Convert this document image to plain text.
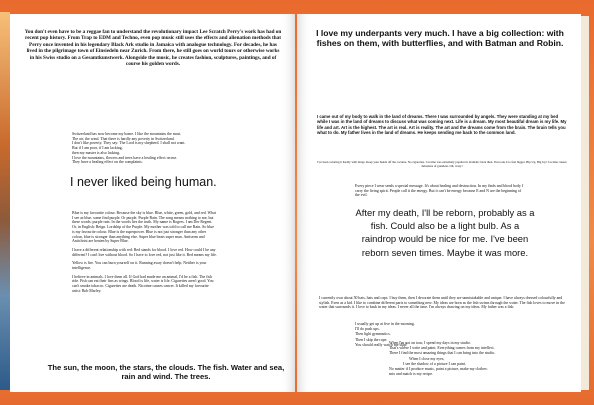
You don't even have to be a reggae fan to understand the revolutionary impact Lee Scratch Perry's work has had on recent pop history. From Trap to EDM and Techno, even pop music still uses the effects and alienation methods that Perry once invented in his legendary Black Ark studio in Jamaica with analogue technology. For decades, he has lived in the pilgrimage town of Einsiedeln near Zurich. From there, he still goes on world tours or otherwise works in his Swiss studio on a Gesamtkunstwerk. Alongside the music, he creates fashion, sculptures, paintings, and of course his golden words.

Switzerland has now become my home. I like the mountains the most.
The air, the wind. That there is hardly any poverty in Switzerland.
I don't like poverty. They say: The Lord is my shepherd. I shall not want.
But if I am poor, if I am lacking,
then my master is also lacking.
I love the mountains, flowers and trees have a healing effect on me.
They have a healing effect on the complaints.

I never liked being human.

Blue is my favourite colour. Because the sky is blue. Blue, white, green, gold, and red. What I see as blue, some find purple. Or purple. Purple Rain. The song means nothing to me, but these words: purple rain. In the words lies the truth. My name is Rogers. I am Der Regent. Or, in English: Reign. Lordship of the Purple. My mother was told to call me Rain. So blue is my favourite colour. Blue is the superpower. Blue is not just stronger than any other colour, blue is stronger than anything else. Super blue beats super man. Antiserm and Antichrist are beaten by Super Blue.

I have a different relationship with red: Red stands for blood. I love red. How could I be any different? I can't live without blood. So I have to love red, not just like it. Red means my life.

Yellow is fire. You can burn yourself on it. Running away doesn't help. Neither is your intelligence.

I believe in animals. I love them all. If God had made me an animal, I'd be a fish. The fish ride. Fish can eat their fins as wings. Blood is life, water is life. Cigarettes aren't good. You can't smoke tobacco. Cigarettes are death. Nicotine causes cancer. It killed my favourite artist: Bob Marley.

The sun, the moon, the stars, the clouds. The fish. Water and sea, rain and wind. The trees.

I love my underpants very much. I have a big collection: with fishes on them, with butterflies, and with Batman and Robin.

I came out of my body to walk in the land of dreams. There I was surrounded by angels. They were standing at my bed while I was in the land of dreams to discuss what was coming next. Life is a dream. My most beautiful dream is my life. My life and art. Art is the highest. The art is real. Art is reality. The art and the dreams come from the brain. The brain tells you what to do. My father lives in the land of dreams. He keeps sending me back to the common land.

I've been coloring it hardly with drugs. Keep your hands off the cocaine. No cigarettes. Cocaine was extremely popular in dramatic back then. You took it to feel bigger. Hip Up, Big Up! Cocaine causes delusions of grandeur. Oh, crazy!

Every piece I wear sends a special message. It's about healing and destruction. In my finds and blood body I carry the living spirit. People call it the energy. But it can't be energy because E and N are the beginning of the evil.

After my death, I'll be reborn, probably as a fish. Could also be a light bulb. As a raindrop would be nice for me. I've been reborn seven times. Maybe it was more.

I currently own about 50 hats, hats and caps. I buy them, then I decorate them until they are unmistakable and unique. I have always dressed colourfully and stylish. Even as a kid. I like to combine different parts to something new. My ideas are born as the fish swims through the water. The fish loves to move in the water that surrounds it. I love to bask in my ideas. I never all the time. I'm always drawing on my ideas. My father was a fish.

I usually get up at five in the morning.
I'll do push ups.
Then light gymnastics.
Then I skip the rope.
You should really watch me skip!
When I'm not on tour, I spend my days in my studio.
That's where I write and paint. Everything comes from my intellect.
There I find the most amazing things that I can bring into the studio.
When I close my eyes,
I see the shadow of a picture I can paint.
No matter if I produce music, paint a picture, make my clothes:
mix and match is my recipe.
